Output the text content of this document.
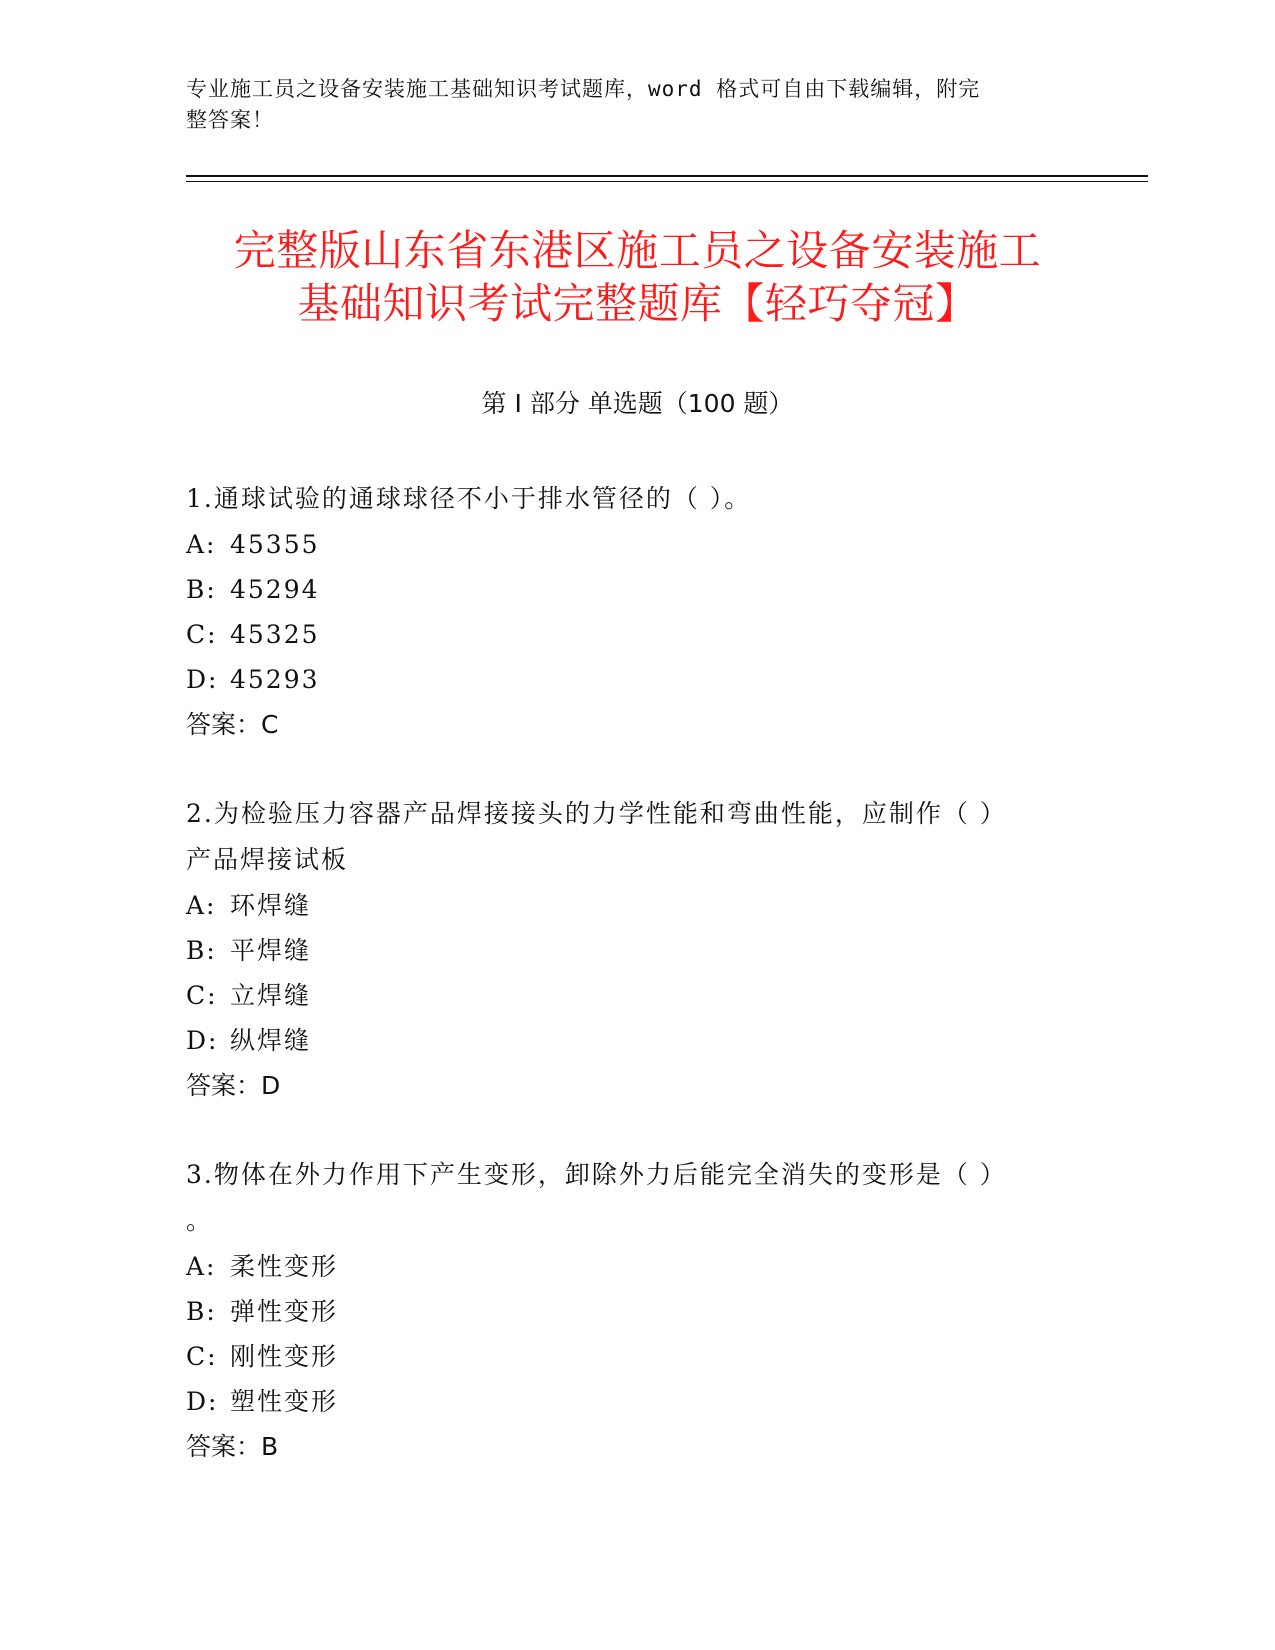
专业施工员之设备安装施工基础知识考试题库，word 格式可自由下载编辑，附完
整答案！
完整版山东省东港区施工员之设备安装施工
基础知识考试完整题库【轻巧夺冠】
第 I 部分 单选题（100 题）

1.通球试验的通球球径不小于排水管径的（ ）。

A: 45355
B: 45294
C: 45325
D: 45293
答案：C

2.为检验压力容器产品焊接接头的力学性能和弯曲性能，应制作（ ）

产品焊接试板

A: 环焊缝
B: 平焊缝
C: 立焊缝
D: 纵焊缝
答案：D

3.物体在外力作用下产生变形，卸除外力后能完全消失的变形是（ ）

。

A: 柔性变形
B: 弹性变形
C: 刚性变形
D: 塑性变形
答案：B
